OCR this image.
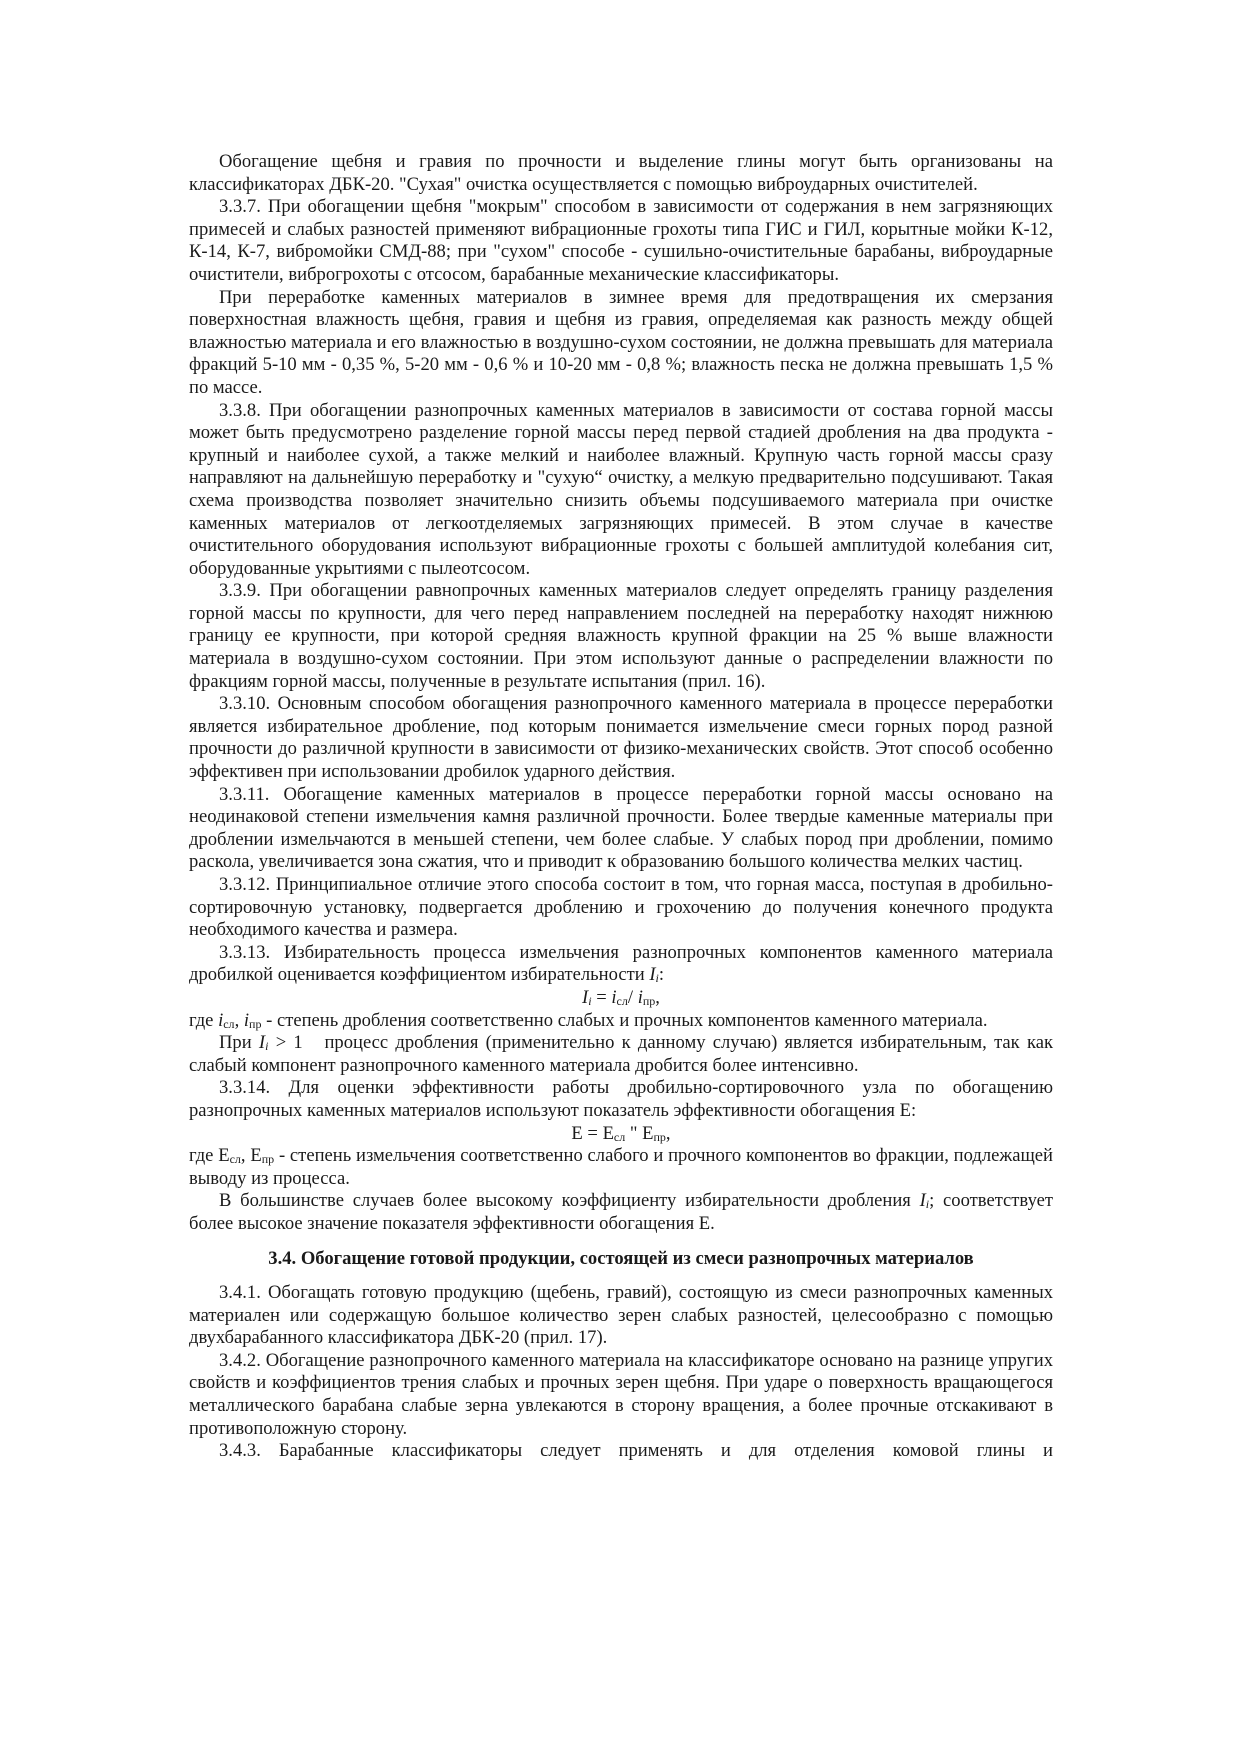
Обогащение щебня и гравия по прочности и выделение глины могут быть организованы на классификаторах ДБК-20. "Сухая" очистка осуществляется с помощью виброударных очистителей.

3.3.7. При обогащении щебня "мокрым" способом в зависимости от содержания в нем загрязняющих примесей и слабых разностей применяют вибрационные грохоты типа ГИС и ГИЛ, корытные мойки К-12, К-14, К-7, вибромойки СМД-88; при "сухом" способе - сушильно-очистительные барабаны, виброударные очистители, виброгрохоты с отсосом, барабанные механические классификаторы.

При переработке каменных материалов в зимнее время для предотвращения их смерзания поверхностная влажность щебня, гравия и щебня из гравия, определяемая как разность между общей влажностью материала и его влажностью в воздушно-сухом состоянии, не должна превышать для материала фракций 5-10 мм - 0,35 %, 5-20 мм - 0,6 % и 10-20 мм - 0,8 %; влажность песка не должна превышать 1,5 % по массе.

3.3.8. При обогащении разнопрочных каменных материалов в зависимости от состава горной массы может быть предусмотрено разделение горной массы перед первой стадией дробления на два продукта - крупный и наиболее сухой, а также мелкий и наиболее влажный. Крупную часть горной массы сразу направляют на дальнейшую переработку и "сухую“ очистку, а мелкую предварительно подсушивают. Такая схема производства позволяет значительно снизить объемы подсушиваемого материала при очистке каменных материалов от легкоотделяемых загрязняющих примесей. В этом случае в качестве очистительного оборудования используют вибрационные грохоты с большей амплитудой колебания сит, оборудованные укрытиями с пылеотсосом.

3.3.9. При обогащении равнопрочных каменных материалов следует определять границу разделения горной массы по крупности, для чего перед направлением последней на переработку находят нижнюю границу ее крупности, при которой средняя влажность крупной фракции на 25 % выше влажности материала в воздушно-сухом состоянии. При этом используют данные о распределении влажности по фракциям горной массы, полученные в результате испытания (прил. 16).

3.3.10. Основным способом обогащения разнопрочного каменного материала в процессе переработки является избирательное дробление, под которым понимается измельчение смеси горных пород разной прочности до различной крупности в зависимости от физико-механических свойств. Этот способ особенно эффективен при использовании дробилок ударного действия.

3.3.11. Обогащение каменных материалов в процессе переработки горной массы основано на неодинаковой степени измельчения камня различной прочности. Более твердые каменные материалы при дроблении измельчаются в меньшей степени, чем более слабые. У слабых пород при дроблении, помимо раскола, увеличивается зона сжатия, что и приводит к образованию большого количества мелких частиц.

3.3.12. Принципиальное отличие этого способа состоит в том, что горная масса, поступая в дробильно-сортировочную установку, подвергается дроблению и грохочению до получения конечного продукта необходимого качества и размера.

3.3.13. Избирательность процесса измельчения разнопрочных компонентов каменного материала дробилкой оценивается коэффициентом избирательности $I_i$:

$I_i = i_{сл}/$ $i_{пр}$,

где $i_{сл}$, $i_{пр}$ - степень дробления соответственно слабых и прочных компонентов каменного материала.

При $I_i > 1$   процесс дробления (применительно к данному случаю) является избирательным, так как слабый компонент разнопрочного каменного материала дробится более интенсивно.

3.3.14. Для оценки эффективности работы дробильно-сортировочного узла по обогащению разнопрочных каменных материалов используют показатель эффективности обогащения Е:

$Е = Е_{сл}$ " $Е_{пр}$,

где $Е_{сл}$, $Е_{пр}$ - степень измельчения соответственно слабого и прочного компонентов во фракции, подлежащей выводу из процесса.

В большинстве случаев более высокому коэффициенту избирательности дробления $I_i$; соответствует более высокое значение показателя эффективности обогащения Е.

3.4. Обогащение готовой продукции, состоящей из смеси разнопрочных материалов

3.4.1. Обогащать готовую продукцию (щебень, гравий), состоящую из смеси разнопрочных каменных материален или содержащую большое количество зерен слабых разностей, целесообразно с помощью двухбарабанного классификатора ДБК-20 (прил. 17).

3.4.2. Обогащение разнопрочного каменного материала на классификаторе основано на разнице упругих свойств и коэффициентов трения слабых и прочных зерен щебня. При ударе о поверхность вращающегося металлического барабана слабые зерна увлекаются в сторону вращения, а более прочные отскакивают в противоположную сторону.

3.4.3. Барабанные классификаторы следует применять и для отделения комовой глины и
